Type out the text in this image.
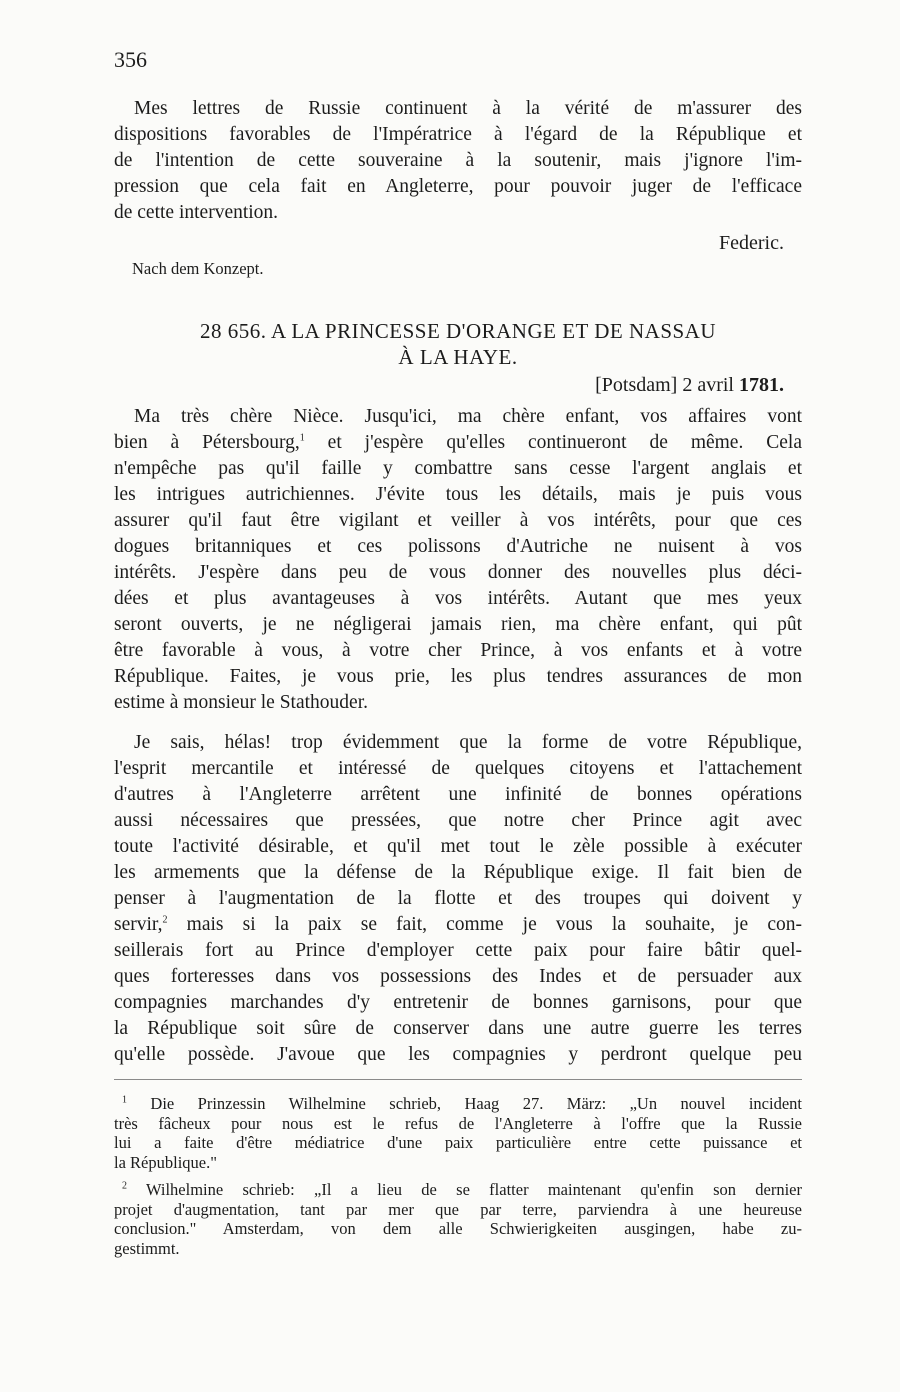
356
Mes lettres de Russie continuent à la vérité de m'assurer des
dispositions favorables de l'Impératrice à l'égard de la République et
de l'intention de cette souveraine à la soutenir, mais j'ignore l'im-
pression que cela fait en Angleterre, pour pouvoir juger de l'efficace
de cette intervention.
Federic.
Nach dem Konzept.
28 656. A LA PRINCESSE D'ORANGE ET DE NASSAU
À LA HAYE.
[Potsdam] 2 avril 1781.
Ma très chère Nièce. Jusqu'ici, ma chère enfant, vos affaires vont
bien à Pétersbourg,$^1$ et j'espère qu'elles continueront de même. Cela
n'empêche pas qu'il faille y combattre sans cesse l'argent anglais et
les intrigues autrichiennes. J'évite tous les détails, mais je puis vous
assurer qu'il faut être vigilant et veiller à vos intérêts, pour que ces
dogues britanniques et ces polissons d'Autriche ne nuisent à vos
intérêts. J'espère dans peu de vous donner des nouvelles plus déci-
dées et plus avantageuses à vos intérêts. Autant que mes yeux
seront ouverts, je ne négligerai jamais rien, ma chère enfant, qui pût
être favorable à vous, à votre cher Prince, à vos enfants et à votre
République. Faites, je vous prie, les plus tendres assurances de mon
estime à monsieur le Stathouder.
Je sais, hélas! trop évidemment que la forme de votre République,
l'esprit mercantile et intéressé de quelques citoyens et l'attachement
d'autres à l'Angleterre arrêtent une infinité de bonnes opérations
aussi nécessaires que pressées, que notre cher Prince agit avec
toute l'activité désirable, et qu'il met tout le zèle possible à exécuter
les armements que la défense de la République exige. Il fait bien de
penser à l'augmentation de la flotte et des troupes qui doivent y
servir,$^2$ mais si la paix se fait, comme je vous la souhaite, je con-
seillerais fort au Prince d'employer cette paix pour faire bâtir quel-
ques forteresses dans vos possessions des Indes et de persuader aux
compagnies marchandes d'y entretenir de bonnes garnisons, pour que
la République soit sûre de conserver dans une autre guerre les terres
qu'elle possède. J'avoue que les compagnies y perdront quelque peu
$^1$ Die Prinzessin Wilhelmine schrieb, Haag 27. März: „Un nouvel incident
très fâcheux pour nous est le refus de l'Angleterre à l'offre que la Russie
lui a faite d'être médiatrice d'une paix particulière entre cette puissance et
la République."
$^2$ Wilhelmine schrieb: „Il a lieu de se flatter maintenant qu'enfin son dernier
projet d'augmentation, tant par mer que par terre, parviendra à une heureuse
conclusion." Amsterdam, von dem alle Schwierigkeiten ausgingen, habe zu-
gestimmt.
